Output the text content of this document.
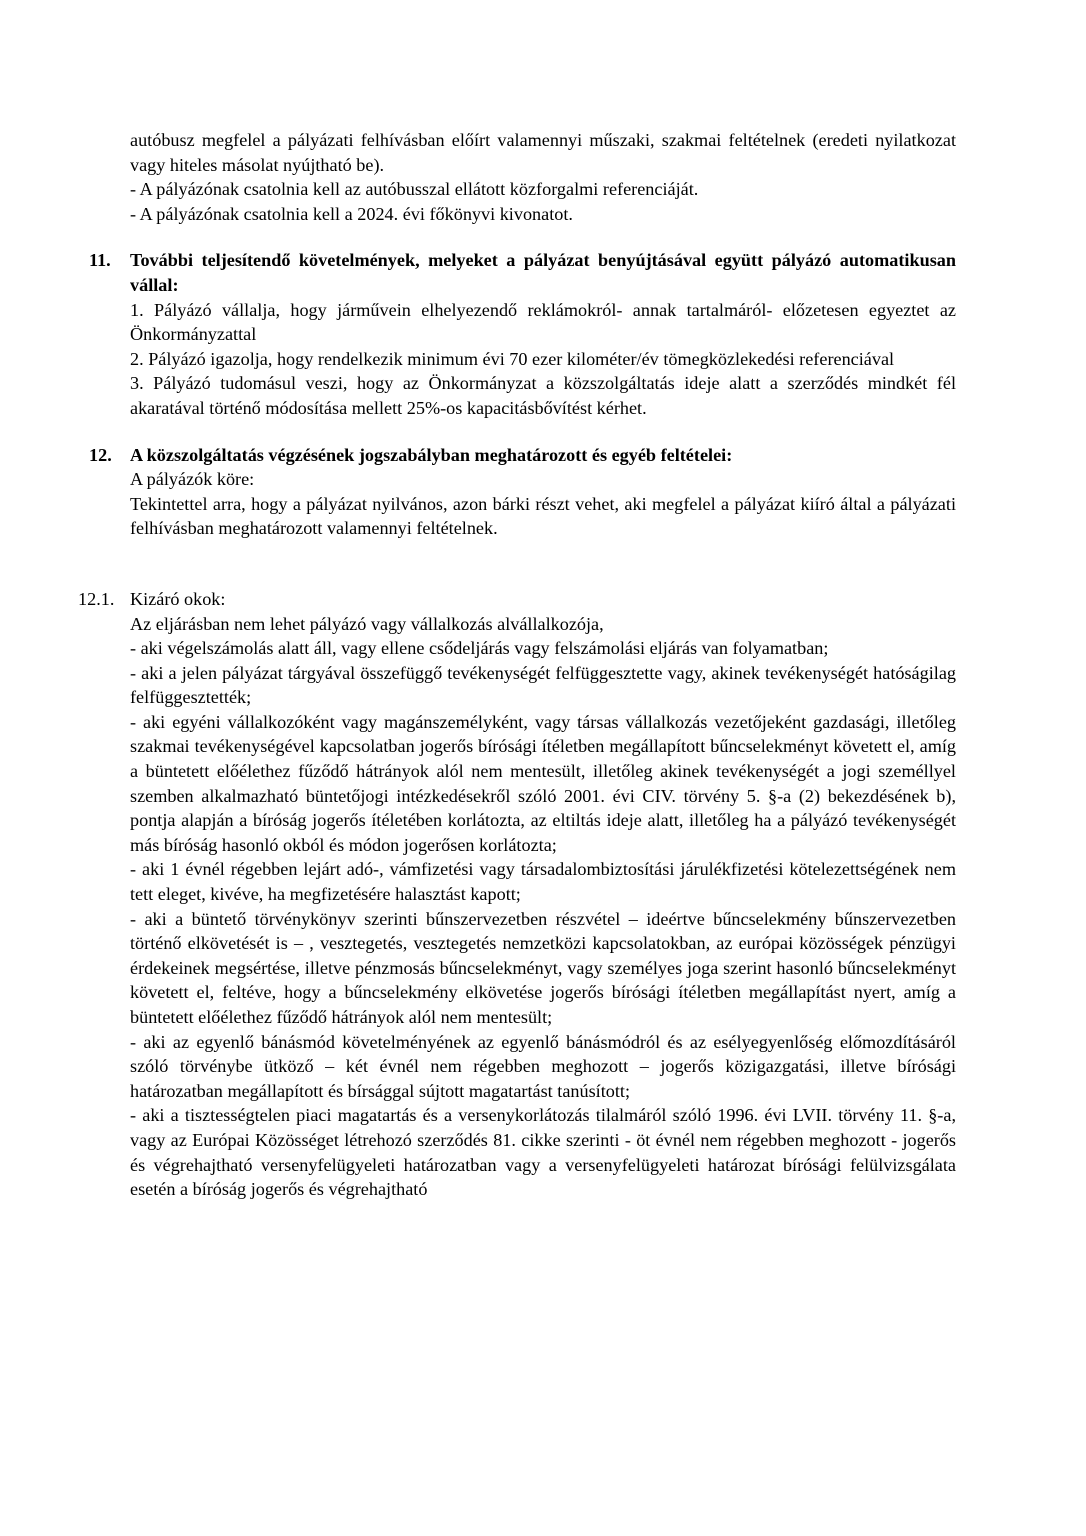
autóbusz megfelel a pályázati felhívásban előírt valamennyi műszaki, szakmai feltételnek (eredeti nyilatkozat vagy hiteles másolat nyújtható be).

- A pályázónak csatolnia kell az autóbusszal ellátott közforgalmi referenciáját.

- A pályázónak csatolnia kell a 2024. évi főkönyvi kivonatot.

11. További teljesítendő követelmények, melyeket a pályázat benyújtásával együtt pályázó automatikusan vállal:

1. Pályázó vállalja, hogy járművein elhelyezendő reklámokról- annak tartalmáról- előzetesen egyeztet az Önkormányzattal

2. Pályázó igazolja, hogy rendelkezik minimum évi 70 ezer kilométer/év tömegközlekedési referenciával

3. Pályázó tudomásul veszi, hogy az Önkormányzat a közszolgáltatás ideje alatt a szerződés mindkét fél akaratával történő módosítása mellett 25%-os kapacitásbővítést kérhet.

12. A közszolgáltatás végzésének jogszabályban meghatározott és egyéb feltételei:

A pályázók köre:

Tekintettel arra, hogy a pályázat nyilvános, azon bárki részt vehet, aki megfelel a pályázat kiíró által a pályázati felhívásban meghatározott valamennyi feltételnek.

12.1. Kizáró okok:

Az eljárásban nem lehet pályázó vagy vállalkozás alvállalkozója,

- aki végelszámolás alatt áll, vagy ellene csődeljárás vagy felszámolási eljárás van folyamatban;

- aki a jelen pályázat tárgyával összefüggő tevékenységét felfüggesztette vagy, akinek tevékenységét hatóságilag felfüggesztették;

- aki egyéni vállalkozóként vagy magánszemélyként, vagy társas vállalkozás vezetőjeként gazdasági, illetőleg szakmai tevékenységével kapcsolatban jogerős bírósági ítéletben megállapított bűncselekményt követett el, amíg a büntetett előélethez fűződő hátrányok alól nem mentesült, illetőleg akinek tevékenységét a jogi személlyel szemben alkalmazható büntetőjogi intézkedésekről szóló 2001. évi CIV. törvény 5. §-a (2) bekezdésének b), pontja alapján a bíróság jogerős ítéletében korlátozta, az eltiltás ideje alatt, illetőleg ha a pályázó tevékenységét más bíróság hasonló okból és módon jogerősen korlátozta;

- aki 1 évnél régebben lejárt adó-, vámfizetési vagy társadalombiztosítási járulékfizetési kötelezettségének nem tett eleget, kivéve, ha megfizetésére halasztást kapott;

- aki a büntető törvénykönyv szerinti bűnszervezetben részvétel – ideértve bűncselekmény bűnszervezetben történő elkövetését is – , vesztegetés, vesztegetés nemzetközi kapcsolatokban, az európai közösségek pénzügyi érdekeinek megsértése, illetve pénzmosás bűncselekményt, vagy személyes joga szerint hasonló bűncselekményt követett el, feltéve, hogy a bűncselekmény elkövetése jogerős bírósági ítéletben megállapítást nyert, amíg a büntetett előélethez fűződő hátrányok alól nem mentesült;

- aki az egyenlő bánásmód követelményének az egyenlő bánásmódról és az esélyegyenlőség előmozdításáról szóló törvénybe ütköző – két évnél nem régebben meghozott – jogerős közigazgatási, illetve bírósági határozatban megállapított és bírsággal sújtott magatartást tanúsított;

- aki a tisztességtelen piaci magatartás és a versenykorlátozás tilalmáról szóló 1996. évi LVII. törvény 11. §-a, vagy az Európai Közösséget létrehozó szerződés 81. cikke szerinti - öt évnél nem régebben meghozott - jogerős és végrehajtható versenyfelügyeleti határozatban vagy a versenyfelügyeleti határozat bírósági felülvizsgálata esetén a bíróság jogerős és végrehajtható
